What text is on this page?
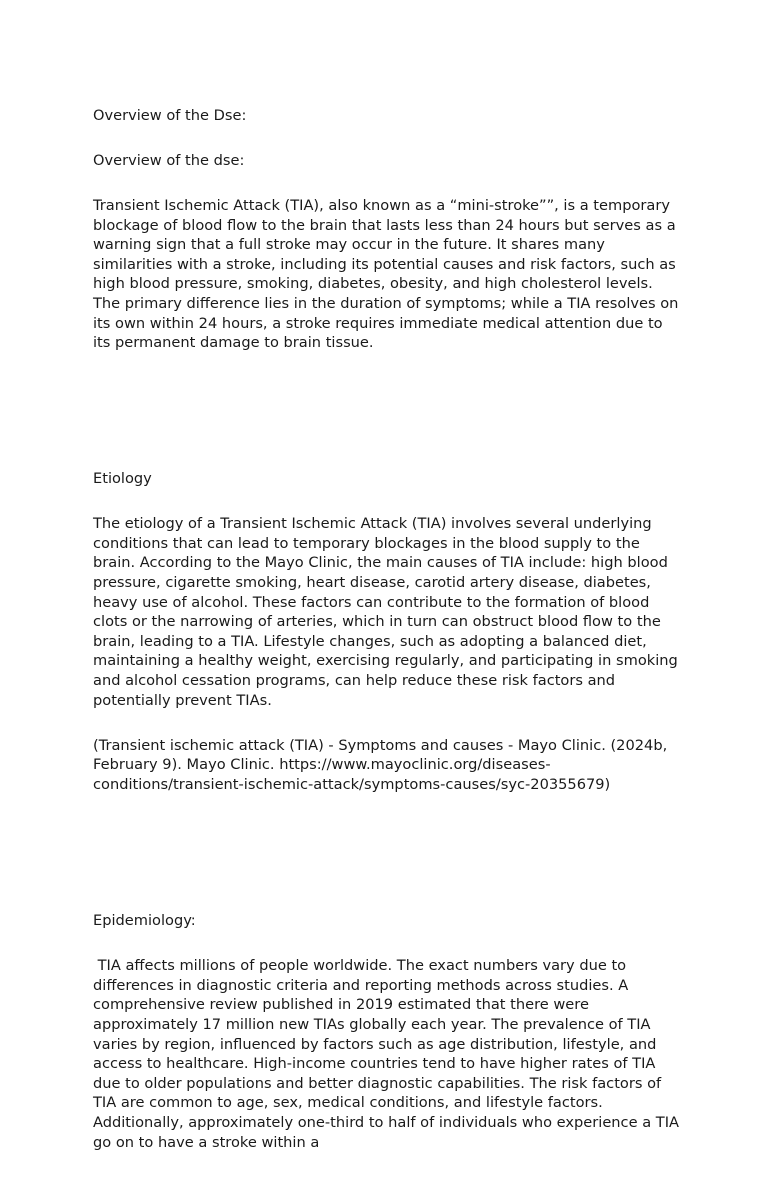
Overview of the Dse:

Overview of the dse:

Transient Ischemic Attack (TIA), also known as a “mini-stroke””, is a temporary blockage of blood flow to the brain that lasts less than 24 hours but serves as a warning sign that a full stroke may occur in the future. It shares many similarities with a stroke, including its potential causes and risk factors, such as high blood pressure, smoking, diabetes, obesity, and high cholesterol levels. The primary difference lies in the duration of symptoms; while a TIA resolves on its own within 24 hours, a stroke requires immediate medical attention due to its permanent damage to brain tissue.

Etiology

The etiology of a Transient Ischemic Attack (TIA) involves several underlying conditions that can lead to temporary blockages in the blood supply to the brain. According to the Mayo Clinic, the main causes of TIA include: high blood pressure, cigarette smoking, heart disease, carotid artery disease, diabetes, heavy use of alcohol. These factors can contribute to the formation of blood clots or the narrowing of arteries, which in turn can obstruct blood flow to the brain, leading to a TIA. Lifestyle changes, such as adopting a balanced diet, maintaining a healthy weight, exercising regularly, and participating in smoking and alcohol cessation programs, can help reduce these risk factors and potentially prevent TIAs.

(Transient ischemic attack (TIA) - Symptoms and causes - Mayo Clinic. (2024b, February 9). Mayo Clinic. https://www.mayoclinic.org/diseases-conditions/transient-ischemic-attack/symptoms-causes/syc-20355679)

Epidemiology:

TIA affects millions of people worldwide. The exact numbers vary due to differences in diagnostic criteria and reporting methods across studies. A comprehensive review published in 2019 estimated that there were approximately 17 million new TIAs globally each year. The prevalence of TIA varies by region, influenced by factors such as age distribution, lifestyle, and access to healthcare. High-income countries tend to have higher rates of TIA due to older populations and better diagnostic capabilities. The risk factors of TIA are common to age, sex, medical conditions, and lifestyle factors. Additionally, approximately one-third to half of individuals who experience a TIA go on to have a stroke within a
